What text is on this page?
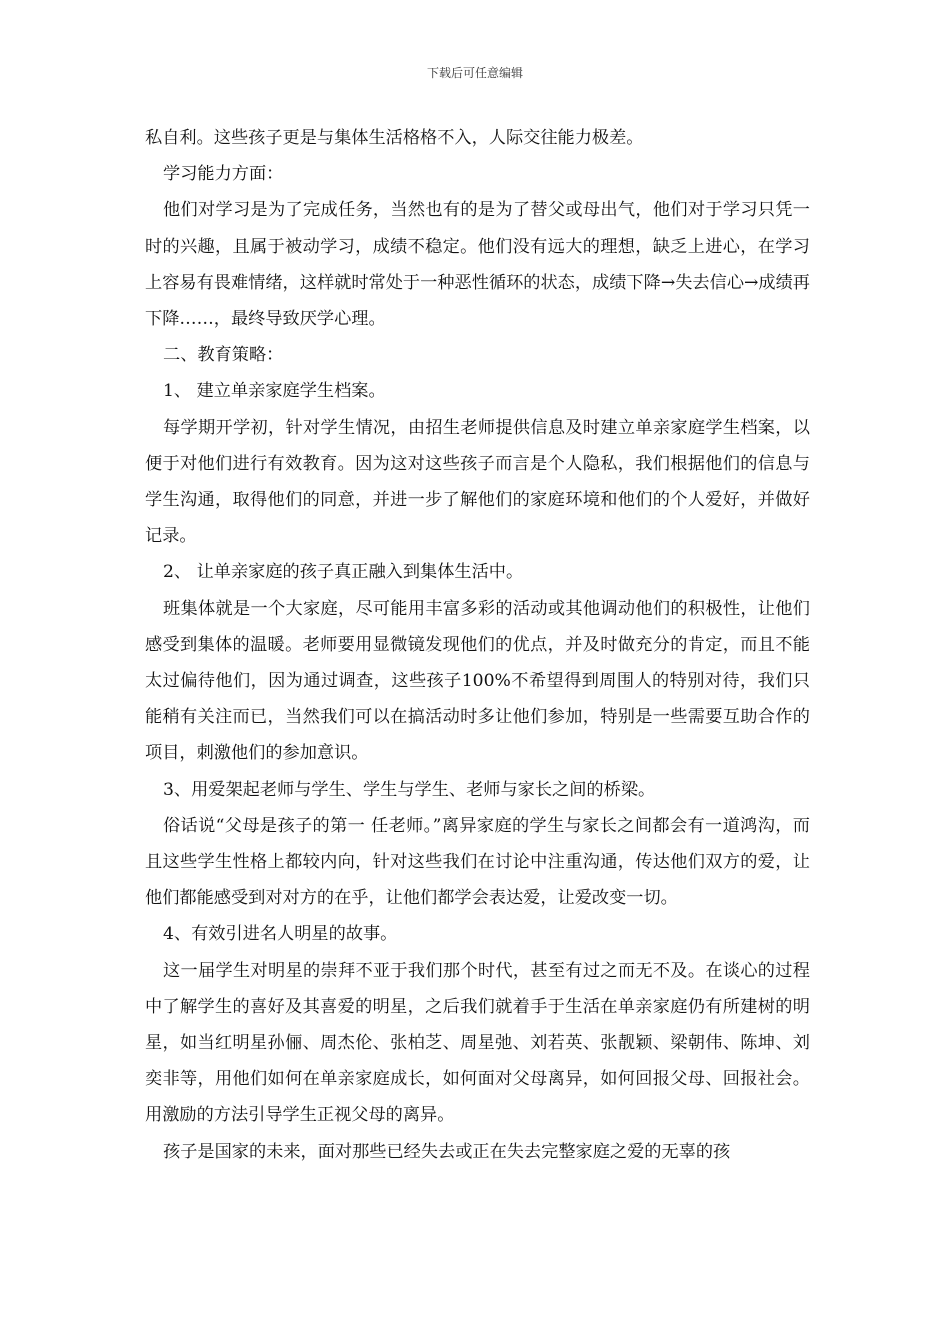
下载后可任意编辑

私自利。这些孩子更是与集体生活格格不入，人际交往能力极差。

学习能力方面：

他们对学习是为了完成任务，当然也有的是为了替父或母出气，他们对于学习只凭一时的兴趣，且属于被动学习，成绩不稳定。他们没有远大的理想，缺乏上进心，在学习上容易有畏难情绪，这样就时常处于一种恶性循环的状态，成绩下降→失去信心→成绩再下降……，最终导致厌学心理。

二、教育策略：

1、 建立单亲家庭学生档案。

每学期开学初，针对学生情况，由招生老师提供信息及时建立单亲家庭学生档案，以便于对他们进行有效教育。因为这对这些孩子而言是个人隐私，我们根据他们的信息与学生沟通，取得他们的同意，并进一步了解他们的家庭环境和他们的个人爱好，并做好记录。

2、 让单亲家庭的孩子真正融入到集体生活中。

班集体就是一个大家庭，尽可能用丰富多彩的活动或其他调动他们的积极性，让他们感受到集体的温暖。老师要用显微镜发现他们的优点，并及时做充分的肯定，而且不能太过偏待他们，因为通过调查，这些孩子100%不希望得到周围人的特别对待，我们只能稍有关注而已，当然我们可以在搞活动时多让他们参加，特别是一些需要互助合作的项目，刺激他们的参加意识。

3、用爱架起老师与学生、学生与学生、老师与家长之间的桥梁。

俗话说“父母是孩子的第一 任老师。”离异家庭的学生与家长之间都会有一道鸿沟，而且这些学生性格上都较内向，针对这些我们在讨论中注重沟通，传达他们双方的爱，让他们都能感受到对对方的在乎，让他们都学会表达爱，让爱改变一切。

4、有效引进名人明星的故事。

这一届学生对明星的崇拜不亚于我们那个时代，甚至有过之而无不及。在谈心的过程中了解学生的喜好及其喜爱的明星，之后我们就着手于生活在单亲家庭仍有所建树的明星，如当红明星孙俪、周杰伦、张柏芝、周星弛、刘若英、张靓颖、梁朝伟、陈坤、刘奕非等，用他们如何在单亲家庭成长，如何面对父母离异，如何回报父母、回报社会。用激励的方法引导学生正视父母的离异。

孩子是国家的未来，面对那些已经失去或正在失去完整家庭之爱的无辜的孩
